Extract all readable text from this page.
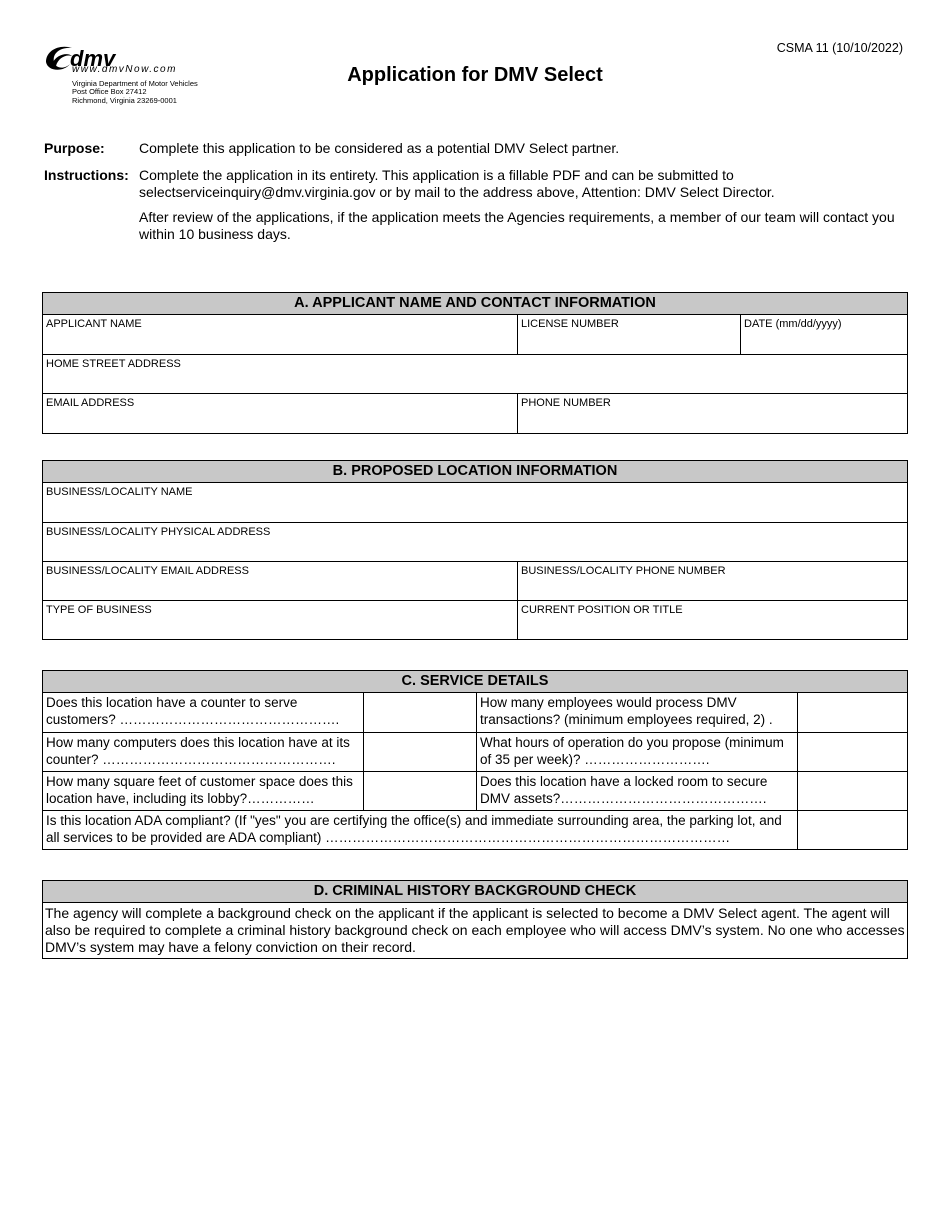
dmv
www.dmvNow.com
Virginia Department of Motor Vehicles
Post Office Box 27412
Richmond, Virginia 23269-0001
CSMA 11 (10/10/2022)
Application for DMV Select
Purpose: Complete this application to be considered as a potential DMV Select partner.
Instructions: Complete the application in its entirety. This application is a fillable PDF and can be submitted to selectserviceinquiry@dmv.virginia.gov or by mail to the address above, Attention: DMV Select Director.
After review of the applications, if the application meets the Agencies requirements, a member of our team will contact you within 10 business days.
A. APPLICANT NAME AND CONTACT INFORMATION
APPLICANT NAME	LICENSE NUMBER	DATE (mm/dd/yyyy)
HOME STREET ADDRESS
EMAIL ADDRESS	PHONE NUMBER
B. PROPOSED LOCATION INFORMATION
BUSINESS/LOCALITY NAME
BUSINESS/LOCALITY PHYSICAL ADDRESS
BUSINESS/LOCALITY EMAIL ADDRESS	BUSINESS/LOCALITY PHONE NUMBER
TYPE OF BUSINESS	CURRENT POSITION OR TITLE
C. SERVICE DETAILS
Does this location have a counter to serve customers? ………………………………………….
How many employees would process DMV transactions? (minimum employees required, 2) .
How many computers does this location have at its counter? …………………………………………….
What hours of operation do you propose (minimum of 35 per week)? ……………………….
How many square feet of customer space does this location have, including its lobby?……………
Does this location have a locked room to secure DMV assets?……………………………………….
Is this location ADA compliant? (If "yes" you are certifying the office(s) and immediate surrounding area, the parking lot, and all services to be provided are ADA compliant) ………………………………………………………………………………
D. CRIMINAL HISTORY BACKGROUND CHECK
The agency will complete a background check on the applicant if the applicant is selected to become a DMV Select agent. The agent will also be required to complete a criminal history background check on each employee who will access DMV’s system. No one who accesses DMV’s system may have a felony conviction on their record.
